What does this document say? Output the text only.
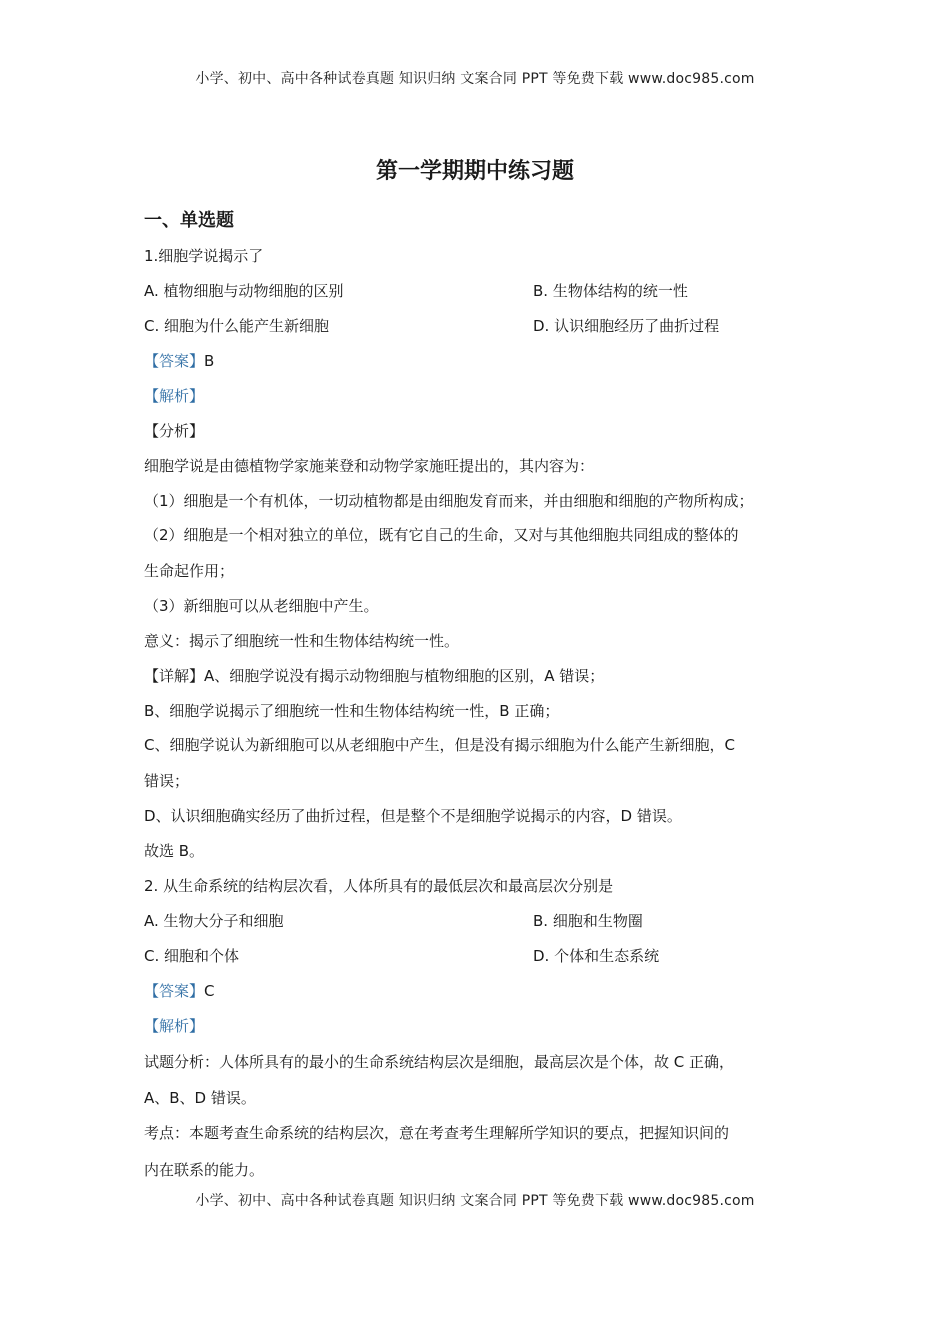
小学、初中、高中各种试卷真题 知识归纳 文案合同 PPT 等免费下载 www.doc985.com
第一学期期中练习题
一、单选题
1.细胞学说揭示了
A. 植物细胞与动物细胞的区别	B. 生物体结构的统一性
C. 细胞为什么能产生新细胞	D. 认识细胞经历了曲折过程
【答案】B
【解析】
【分析】
细胞学说是由德植物学家施莱登和动物学家施旺提出的，其内容为：
（1）细胞是一个有机体，一切动植物都是由细胞发育而来，并由细胞和细胞的产物所构成；
（2）细胞是一个相对独立的单位，既有它自己的生命，又对与其他细胞共同组成的整体的
生命起作用；
（3）新细胞可以从老细胞中产生。
意义：揭示了细胞统一性和生物体结构统一性。
【详解】A、细胞学说没有揭示动物细胞与植物细胞的区别，A 错误；
B、细胞学说揭示了细胞统一性和生物体结构统一性，B 正确；
C、细胞学说认为新细胞可以从老细胞中产生，但是没有揭示细胞为什么能产生新细胞，C
错误；
D、认识细胞确实经历了曲折过程，但是整个不是细胞学说揭示的内容，D 错误。
故选 B。
2. 从生命系统的结构层次看，人体所具有的最低层次和最高层次分别是
A. 生物大分子和细胞	B. 细胞和生物圈
C. 细胞和个体	D. 个体和生态系统
【答案】C
【解析】
试题分析：人体所具有的最小的生命系统结构层次是细胞，最高层次是个体，故 C 正确，
A、B、D 错误。
考点：本题考查生命系统的结构层次，意在考查考生理解所学知识的要点，把握知识间的
内在联系的能力。
小学、初中、高中各种试卷真题 知识归纳 文案合同 PPT 等免费下载 www.doc985.com
